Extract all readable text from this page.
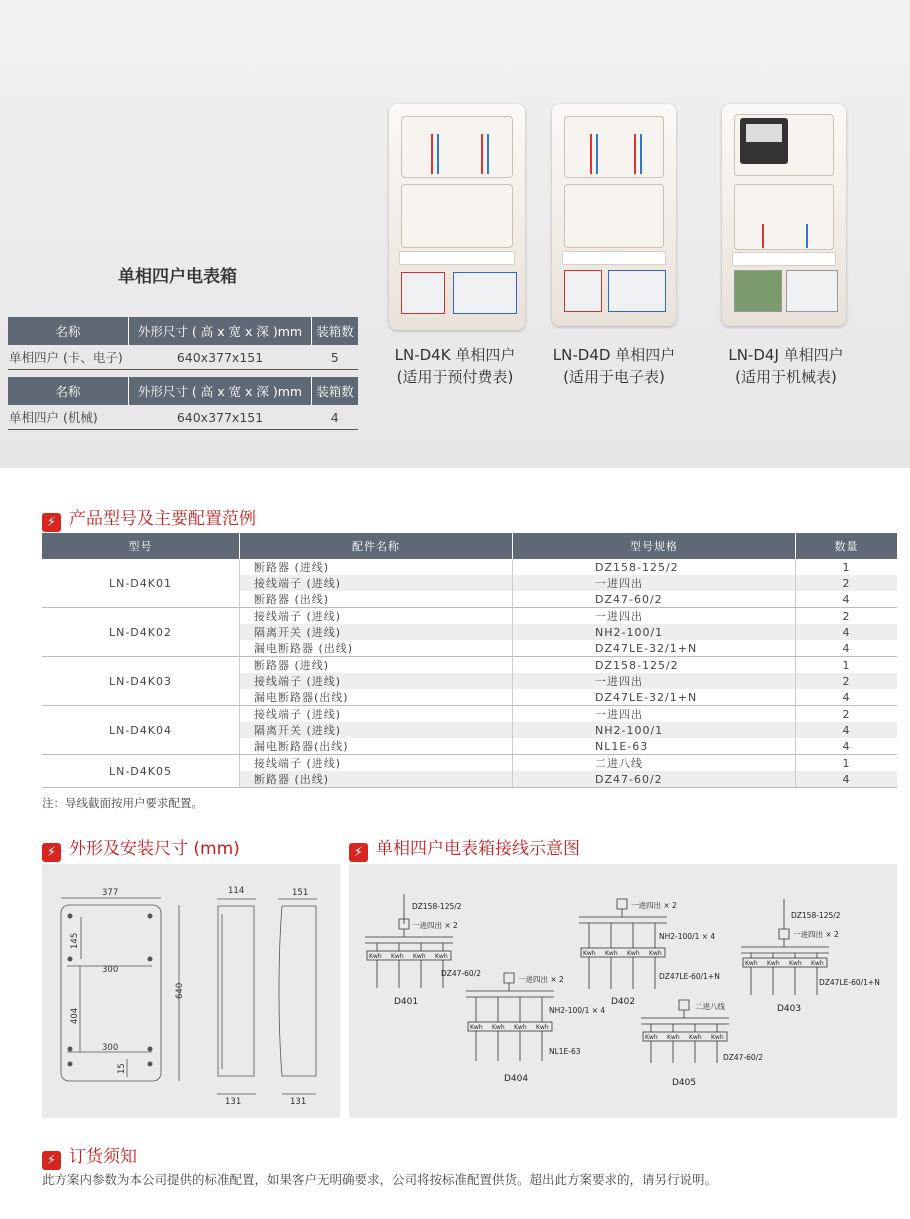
单相四户电表箱
名称	外形尺寸 ( 高 x 宽 x 深 )mm	装箱数
单相四户 (卡、电子)	640x377x151	5
名称	外形尺寸 ( 高 x 宽 x 深 )mm	装箱数
单相四户 (机械)	640x377x151	4
LN-D4K 单相四户
(适用于预付费表)
LN-D4D 单相四户
(适用于电子表)
LN-D4J 单相四户
(适用于机械表)
⚡ 产品型号及主要配置范例
型号	配件名称	型号规格	数量
LN-D4K01	断路器 (进线)	DZ158-125/2	1
	接线端子 (进线)	一进四出	2
	断路器 (出线)	DZ47-60/2	4
LN-D4K02	接线端子 (进线)	一进四出	2
	隔离开关 (进线)	NH2-100/1	4
	漏电断路器 (出线)	DZ47LE-32/1+N	4
LN-D4K03	断路器 (进线)	DZ158-125/2	1
	接线端子 (进线)	一进四出	2
	漏电断路器(出线)	DZ47LE-32/1+N	4
LN-D4K04	接线端子 (进线)	一进四出	2
	隔离开关 (进线)	NH2-100/1	4
	漏电断路器(出线)	NL1E-63	4
LN-D4K05	接线端子 (进线)	二进八线	1
	断路器 (出线)	DZ47-60/2	4
注：导线截面按用户要求配置。
⚡ 外形及安装尺寸 (mm)	⚡ 单相四户电表箱接线示意图
377	114	151
640
145
300
404
300
15
131	131
DZ158-125/2
一进四出 × 2
DZ47-60/2
D401
一进四出 × 2
NH2-100/1 × 4
DZ47LE-60/1+N
D402
DZ158-125/2
一进四出 × 2
DZ47LE-60/1+N
D403
一进四出 × 2
NH2-100/1 × 4
NL1E-63
D404
二进八线
DZ47-60/2
D405
Kwh Kwh Kwh Kwh	Kwh Kwh Kwh Kwh
Kwh Kwh Kwh Kwh
Kwh Kwh Kwh Kwh
Kwh Kwh Kwh Kwh
⚡ 订货须知
此方案内参数为本公司提供的标准配置，如果客户无明确要求，公司将按标准配置供货。超出此方案要求的，请另行说明。
